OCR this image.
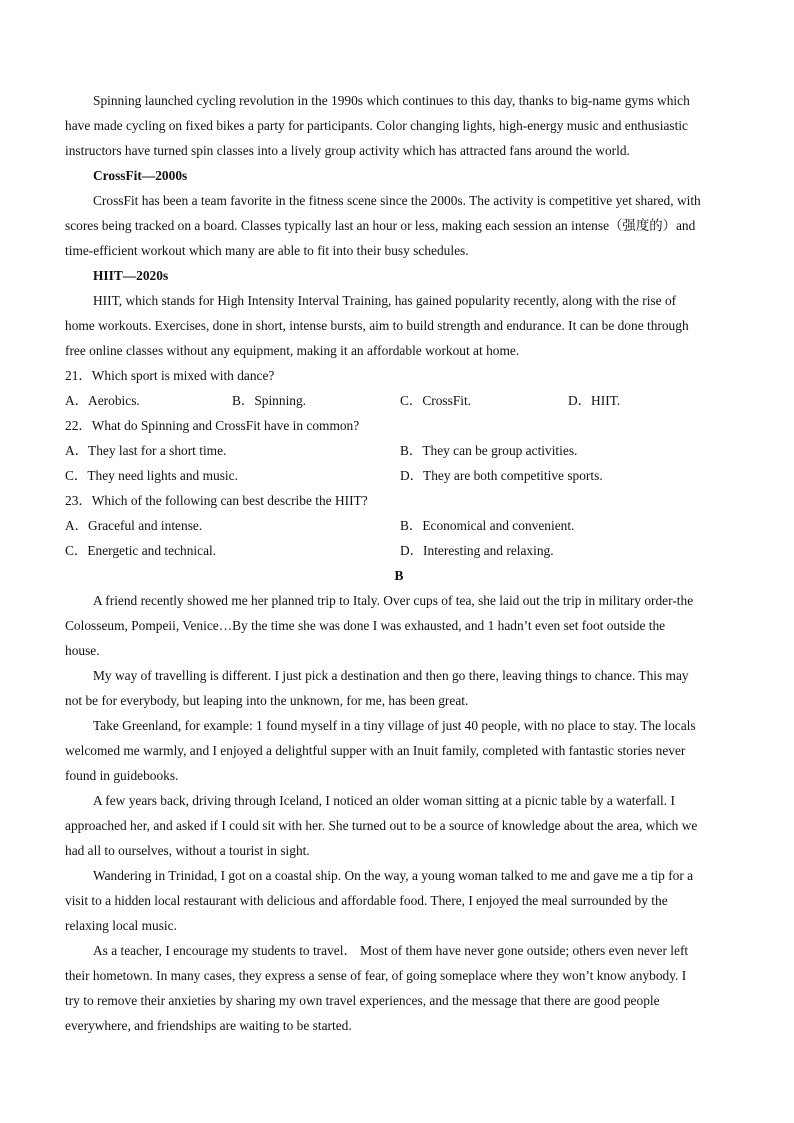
Spinning launched cycling revolution in the 1990s which continues to this day, thanks to big-name gyms which
have made cycling on fixed bikes a party for participants. Color changing lights, high-energy music and enthusiastic
instructors have turned spin classes into a lively group activity which has attracted fans around the world.
CrossFit—2000s
CrossFit has been a team favorite in the fitness scene since the 2000s. The activity is competitive yet shared, with
scores being tracked on a board. Classes typically last an hour or less, making each session an intense（强度的）and
time-efficient workout which many are able to fit into their busy schedules.
HIIT—2020s
HIIT, which stands for High Intensity Interval Training, has gained popularity recently, along with the rise of
home workouts. Exercises, done in short, intense bursts, aim to build strength and endurance. It can be done through
free online classes without any equipment, making it an affordable workout at home.
21．Which sport is mixed with dance?
A．Aerobics.	B．Spinning.	C．CrossFit.	D．HIIT.
22．What do Spinning and CrossFit have in common?
A．They last for a short time.	B．They can be group activities.
C．They need lights and music.	D．They are both competitive sports.
23．Which of the following can best describe the HIIT?
A．Graceful and intense.	B．Economical and convenient.
C．Energetic and technical.	D．Interesting and relaxing.
B
A friend recently showed me her planned trip to Italy. Over cups of tea, she laid out the trip in military order-the
Colosseum, Pompeii, Venice…By the time she was done I was exhausted, and 1 hadn’t even set foot outside the
house.
My way of travelling is different. I just pick a destination and then go there, leaving things to chance. This may
not be for everybody, but leaping into the unknown, for me, has been great.
Take Greenland, for example: 1 found myself in a tiny village of just 40 people, with no place to stay. The locals
welcomed me warmly, and I enjoyed a delightful supper with an Inuit family, completed with fantastic stories never
found in guidebooks.
A few years back, driving through Iceland, I noticed an older woman sitting at a picnic table by a waterfall. I
approached her, and asked if I could sit with her. She turned out to be a source of knowledge about the area, which we
had all to ourselves, without a tourist in sight.
Wandering in Trinidad, I got on a coastal ship. On the way, a young woman talked to me and gave me a tip for a
visit to a hidden local restaurant with delicious and affordable food. There, I enjoyed the meal surrounded by the
relaxing local music.
As a teacher, I encourage my students to travel． Most of them have never gone outside; others even never left
their hometown. In many cases, they express a sense of fear, of going someplace where they won’t know anybody. I
try to remove their anxieties by sharing my own travel experiences, and the message that there are good people
everywhere, and friendships are waiting to be started.
